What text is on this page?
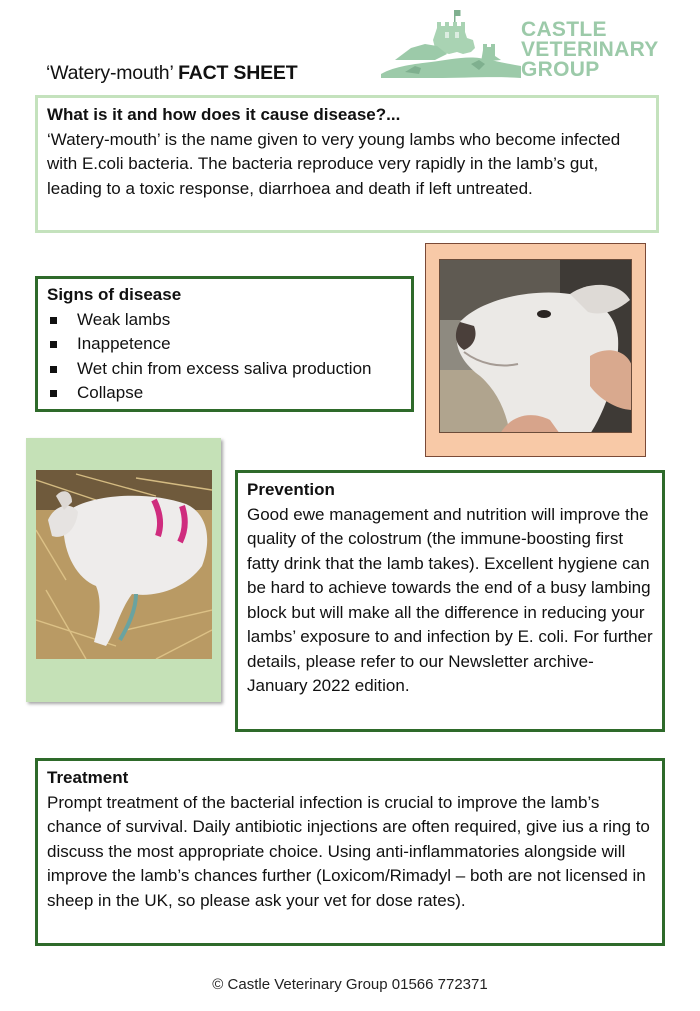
‘Watery-mouth’ FACT SHEET
CASTLE
VETERINARY
GROUP
What is it and how does it cause disease?...
‘Watery-mouth’ is the name given to very young lambs who become infected with E.coli bacteria. The bacteria reproduce very rapidly in the lamb’s gut, leading to a toxic response, diarrhoea and death if left untreated.
Signs of disease
Weak lambs
Inappetence
Wet chin from excess saliva production
Collapse
Prevention
Good ewe management and nutrition will improve the quality of the colostrum (the immune-boosting first fatty drink that the lamb takes). Excellent hygiene can be hard to achieve towards the end of a busy lambing block but will make all the difference in reducing your lambs’ exposure to and infection by E. coli. For further details, please refer to our Newsletter archive- January 2022 edition.
Treatment
Prompt treatment of the bacterial infection is crucial to improve the lamb’s chance of survival. Daily antibiotic injections are often required, give ius a ring to discuss the most appropriate choice. Using anti-inflammatories alongside will improve the lamb’s chances further (Loxicom/Rimadyl – both are not licensed in sheep in the UK, so please ask your vet for dose rates).
© Castle Veterinary Group 01566 772371
